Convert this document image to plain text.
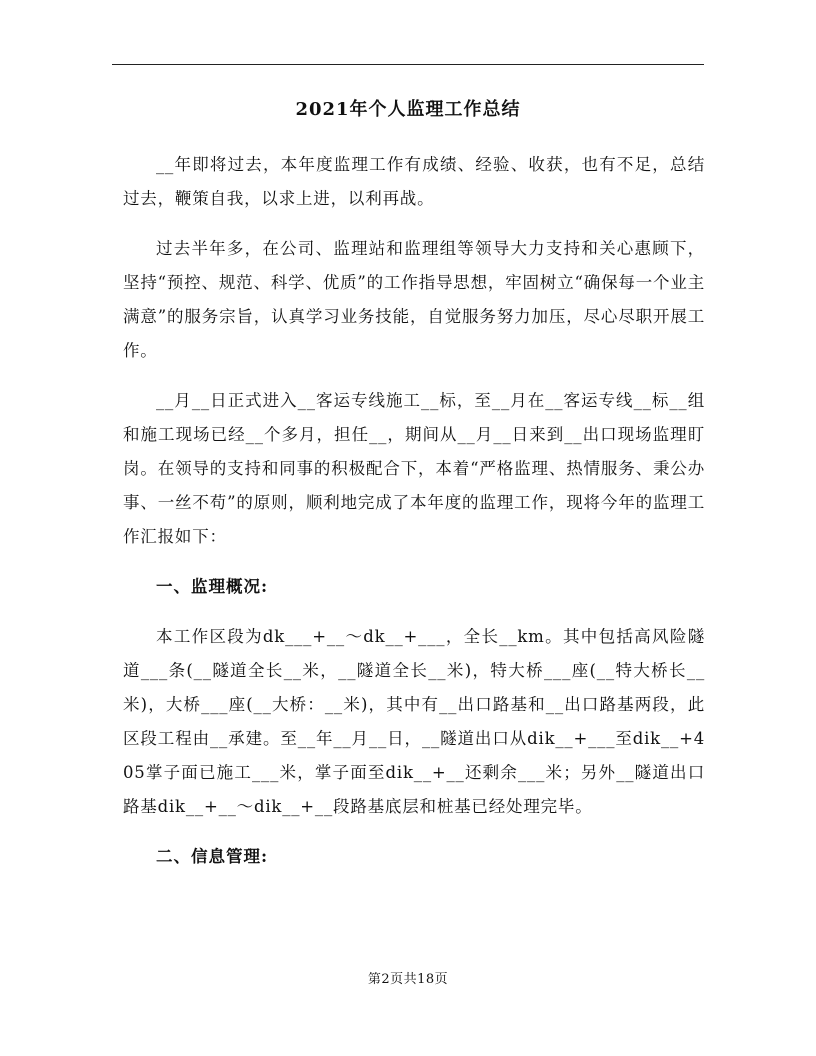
2021年个人监理工作总结

__年即将过去，本年度监理工作有成绩、经验、收获，也有不足，总结过去，鞭策自我，以求上进，以利再战。

过去半年多，在公司、监理站和监理组等领导大力支持和关心惠顾下，坚持“预控、规范、科学、优质”的工作指导思想，牢固树立“确保每一个业主满意”的服务宗旨，认真学习业务技能，自觉服务努力加压，尽心尽职开展工作。

__月__日正式进入__客运专线施工__标，至__月在__客运专线__标__组和施工现场已经__个多月，担任__，期间从__月__日来到__出口现场监理盯岗。在领导的支持和同事的积极配合下，本着“严格监理、热情服务、秉公办事、一丝不苟”的原则，顺利地完成了本年度的监理工作，现将今年的监理工作汇报如下：

一、监理概况:

本工作区段为dk___+__～dk__+___，全长__km。其中包括高风险隧道___条(__隧道全长__米，__隧道全长__米)，特大桥___座(__特大桥长__米)，大桥___座(__大桥：__米)，其中有__出口路基和__出口路基两段，此区段工程由__承建。至__年__月__日，__隧道出口从dik__+___至dik__+405掌子面已施工___米，掌子面至dik__+__还剩余___米；另外__隧道出口路基dik__+__～dik__+__段路基底层和桩基已经处理完毕。

二、信息管理:

第2页共18页
